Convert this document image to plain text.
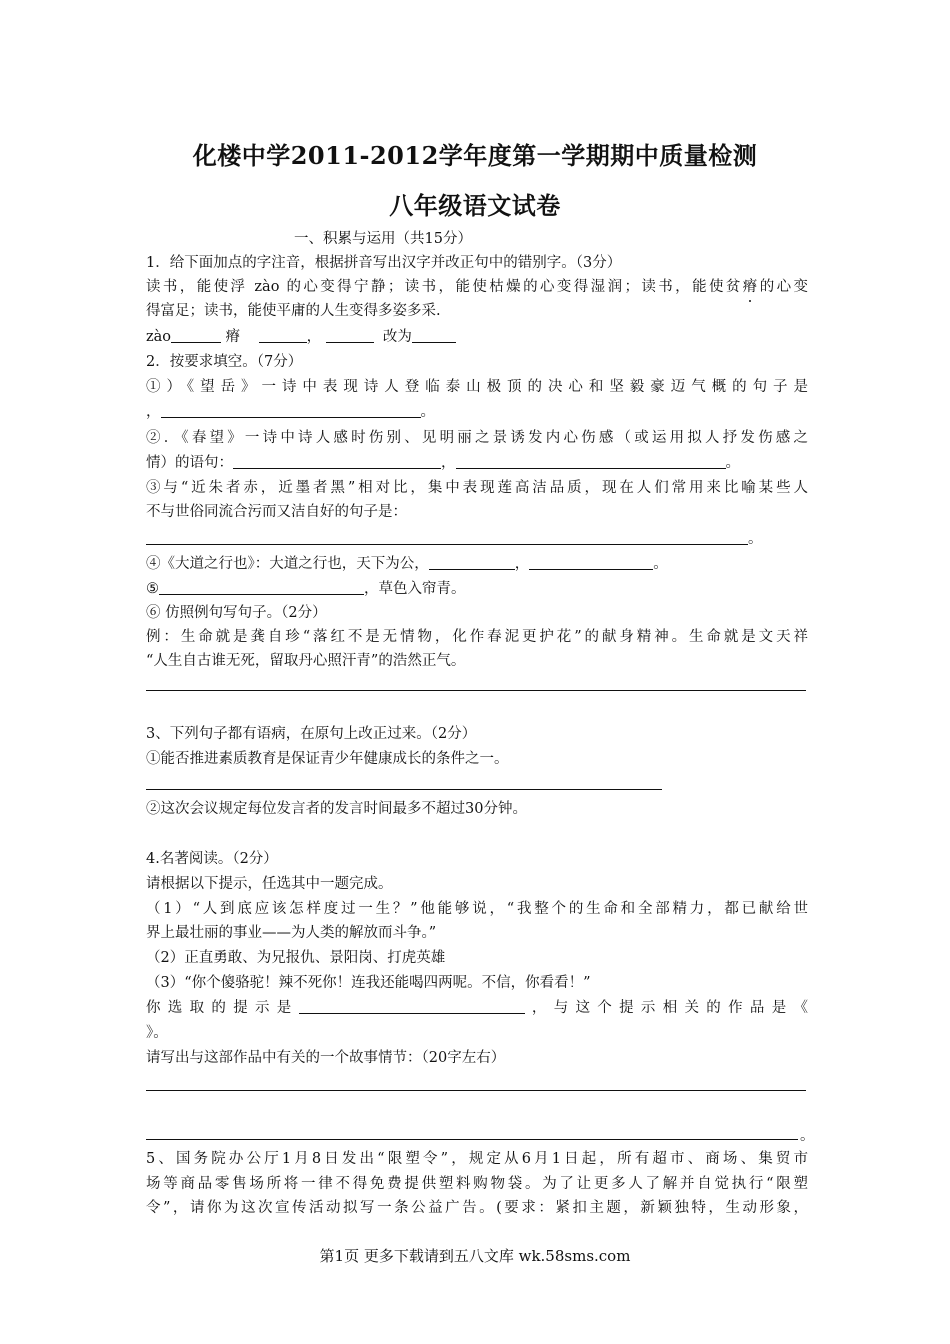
化楼中学2011-2012学年度第一学期期中质量检测
八年级语文试卷
一、积累与运用（共15分）
1．给下面加点的字注音，根据拼音写出汉字并改正句中的错别字。（3分）
读书，能使浮 zào 的心变得宁静；读书，能使枯燥的心变得湿润；读书，能使贫瘠的心变
得富足；读书，能使平庸的人生变得多姿多采.
zào	瘠	，	改为
2．按要求填空。（7分）
①）《望岳》一诗中表现诗人登临泰山极顶的决心和坚毅豪迈气概的句子是
，	。
②．《春望》一诗中诗人感时伤别、见明丽之景诱发内心伤感（或运用拟人抒发伤感之
情）的语句：	，	。
③与“近朱者赤，近墨者黑”相对比，集中表现莲高洁品质，现在人们常用来比喻某些人
不与世俗同流合污而又洁自好的句子是：
。
④《大道之行也》：大道之行也，天下为公，	，	。
⑤	，草色入帘青。
⑥ 仿照例句写句子。（2分）
例：生命就是龚自珍“落红不是无情物，化作春泥更护花”的献身精神。生命就是文天祥
“人生自古谁无死，留取丹心照汗青”的浩然正气。
3、下列句子都有语病，在原句上改正过来。（2分）
①能否推进素质教育是保证青少年健康成长的条件之一。
②这次会议规定每位发言者的发言时间最多不超过30分钟。
4.名著阅读。（2分）
请根据以下提示，任选其中一题完成。
（1）“人到底应该怎样度过一生？”他能够说，“我整个的生命和全部精力，都已献给世
界上最壮丽的事业——为人类的解放而斗争。”
（2）正直勇敢、为兄报仇、景阳岗、打虎英雄
（3）“你个傻骆驼！辣不死你！连我还能喝四两呢。不信，你看看！”
你选取的提示是	，与这个提示相关的作品是《
》。
请写出与这部作品中有关的一个故事情节：（20字左右）
。
5、国务院办公厅1月8日发出“限塑令”，规定从6月1日起，所有超市、商场、集贸市
场等商品零售场所将一律不得免费提供塑料购物袋。为了让更多人了解并自觉执行“限塑
令”，请你为这次宣传活动拟写一条公益广告。(要求：紧扣主题，新颖独特，生动形象，
第1页 更多下载请到五八文库 wk.58sms.com
